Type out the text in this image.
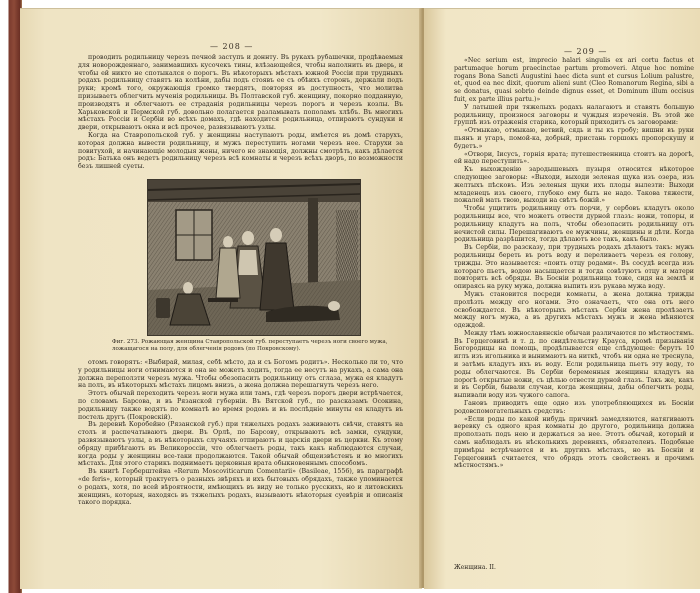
— 208 —

проводить родильницу черезъ печной заступъ и доннту. Въ рукахъ рубашечки, продѣваемыя для новорожденнаго, занимавшихъ кусочекъ тины, влѣзающейся, чтобы наполнить въ дверь, и чтобы ей никто не спотыкался о порогъ. Въ нѣкоторыхъ мѣстахъ южной Россіи при трудныхъ родахъ родильницу ставятъ на колѣни, дабы подъ стоявъ ее съ обѣихъ сторонъ, держали подъ руки; кромѣ того, окружающія громко твердятъ, повторяя въ доступность, что молитва призываетъ облегчить мученія родильницы. Въ Полтавской губ. женщину, покорно подданную, производятъ и облегчаютъ ее страданія родильницы черезъ порогъ и черезъ козлы. Въ Харьковской и Пермской губ. довольно полагается разламывать пополамъ хлѣбъ. Въ многихъ мѣстахъ Россіи и Сербіи во всѣхъ домахъ, гдѣ находится родильница, отпираютъ сундуки и двери, открываютъ окна и всѣ прочее, развязываютъ узлы.

Когда на Ставропольской губ. у женщины наступаютъ роды, имѣется въ домѣ старухъ, которая должна вывести родильницу, и мужъ переступить ногами черезъ нее. Старухи за повитухой, и начинающіе молодыя жены, ничего не знающія, должны смотрѣть, какъ дѣлается родъ: Батька онъ ведетъ родильницу черезъ всѣ комнаты и черезъ всѣхъ дворъ, по возможности безъ лишней суеты.

Фиг. 273. Рожающая женщина Ставропольской губ. переступаетъ черезъ ноги своего мужа, ложащагося на полу, для облегченія родовъ (по Покровскому).

отомъ говорятъ: «Выбирай, милая, себѣ мѣсто, да и съ Богомъ родитъ». Несколько ли то, что у родильницы ноги отнимаются и она не можетъ ходить, тогда ее несутъ на рукахъ, а сама она должна переползти черезъ мужа. Чтобы обезопасить родильницу отъ сглаза, мужа ея кладутъ на полъ, въ нѣкоторыхъ мѣстахъ лицомъ внизъ, а жена должна перешагнуть черезъ него.

Этотъ обычай переходить черезъ ноги мужа или тамъ, гдѣ черезъ порогъ двери встрѣчается, по словамъ Барсова, и въ Рязанской губерніи. Въ Вятской губ., по разсказамъ Осокина, родильницу также водятъ по комнатѣ во время родовъ и въ послѣдніе минуты ея кладутъ въ постель другъ (Покровскій).

Въ деревнѣ Коробейно (Рязанской губ.) при тяжелыхъ родахъ заживаютъ свѣчи, ставятъ на столъ и распечатываютъ двери. Въ Орлѣ, по Барсову, открываютъ всѣ замки, сундуки, развязываютъ узлы, а въ нѣкоторыхъ случаяхъ отпираютъ и царскія двери въ церкви. Къ этому обряду прибѣгаютъ въ Великороссіи, что облегчаетъ роды, такъ какъ наблюдаются случаи, когда роды у женщины все-таки продолжаются. Такой обычай общеизвѣстенъ и во многихъ мѣстахъ. Для этого старикъ поднимаетъ церковныя врата обыкновеннымъ способомъ.

Въ книгѣ Герберштейна «Rerum Moscoviticarum Comentarii» (Basileae, 1556), въ параграфѣ «de feris», который трактуетъ о разныхъ звѣряхъ и ихъ бытовыхъ обрядахъ, также упоминается о родахъ, хотя, по всей вѣроятности, имѣющихъ въ виду не только русскихъ, но и литовскихъ женщинъ, которыя, находясь въ тяжелыхъ родахъ, вызываютъ нѣкоторыя суевѣрія и описанія такого порядка.

— 209 —

«Nec serium est, imprecio halari singulis ex ari cortu factus et partumaque horum praecinctae partum promoveri. Atque hoc nomine rogans Bona Sancti Augustini haec dicta sunt et cursus Lolium palustre, et, quod ea nec dixit, quorum alieni sunt (Cleo Romanorum Regina, sibi a se donatus, quasi sobrio deinde dignus esset, et Dominum illum occisus fuit, ex parte illius partu.)»

У латышей при тяжелыхъ родахъ налагаютъ и ставятъ большую родильницу, произнося заговоры и чуждыя изреченія. Въ этой же группѣ изъ отраженія старика, который приходитъ съ заговорами:

«Отмыкаю, отмыкаю, ветвий, сядь и ты къ гробу; вишни въ руки пьянъ и угаръ, помой-ка, добрый, пристань горшокъ пропорскушу и будетъ.»

«Отвори, Іисусъ, горнія врата; путешественница стоитъ на дорогѣ, ей надо переступить».

Къ выхожденію зародышевыхъ пузыря относится нѣкоторое следующее заговоры: «Выходи, выходи зеленая щука изъ озера, изъ желтыхъ пѣсковъ. Изъ зеленыя щуки ихъ плоды вылезти: Выходи младенецъ изъ своего, глубоко ему быть не надо. Такова тяжести, пожалей мать твою, выходи на свѣтъ божій.»

Чтобы ущитить родильницу отъ порчи, у сербовъ кладутъ около родильницы все, что можетъ отвести дурной глазъ: ножи, топоры, и родильницу кладутъ на полъ, чтобы обезопасить родильницу отъ нечистой силы. Перешагиваютъ ее мужчины, женщины и дѣти. Когда родильница разрѣшится, тогда дѣлаютъ все такъ, какъ было.

Въ Сербіи, по разсказу, при трудныхъ родахъ дѣлаютъ такъ: мужъ родильницы береть въ ротъ воду и переливаетъ черезъ ея голову, трижды. Это называется: «поить отцу родами». Въ сосудѣ всегда изъ котораго пьетъ, водою насыщается и тогда совѣтуютъ отцу и матери повторить всѣ обряды. Въ Босніи родильница тоже, сидя на землѣ и опираясь на руку мужа, должна выпить изъ рукава мужа воду.

Мужъ становится посреди комнаты, а жена должна трижды пролѣзть между его ногами. Это означаетъ, что она отъ него освобождается. Въ нѣкоторыхъ мѣстахъ Сербіи жена пролѣзаетъ между ногъ мужа, а въ другихъ мѣстахъ мужъ и жена мѣняются одеждой.

Между тѣмъ южнославянскіе обычаи различаются по мѣстностямъ. Въ Герцеговинѣ и т. д. по свидѣтельству Крауса, кромѣ призыванія Богородицы на помощь, продѣлывается еще слѣдующее: берутъ 10 иглъ изъ игольника и вынимаютъ на ниткѣ, чтобъ ни одна не треснула, и затѣмъ кладутъ ихъ въ воду. Если родильница пьетъ эту воду, то роды облегчаются. Въ Сербіи беременныя женщины кладутъ на порогѣ открытые ножи, съ цѣлью отвести дурной глазъ. Такъ же, какъ и въ Сербіи, бывали случаи, когда женщины, дабы облегчить роды, выпивали воду изъ чужого сапога.

Гановъ приводитъ еще одно изъ употребляющихся въ Босніи родовспомогательныхъ средствъ:

«Если роды по какой нибудь причинѣ замедляются, натягиваютъ веревку съ одного края комнаты до другого, родильница должна проползать подъ нею и держаться за нее. Этотъ обычай, который и самъ наблюдалъ въ нѣсколькихъ деревняхъ, обязателенъ. Подобные примѣры встрѣчаются и въ другихъ мѣстахъ, но въ Босніи и Герцеговинѣ считается, что обрядъ этотъ свойственъ и прочимъ мѣстностямъ.»

Женщина. II.
